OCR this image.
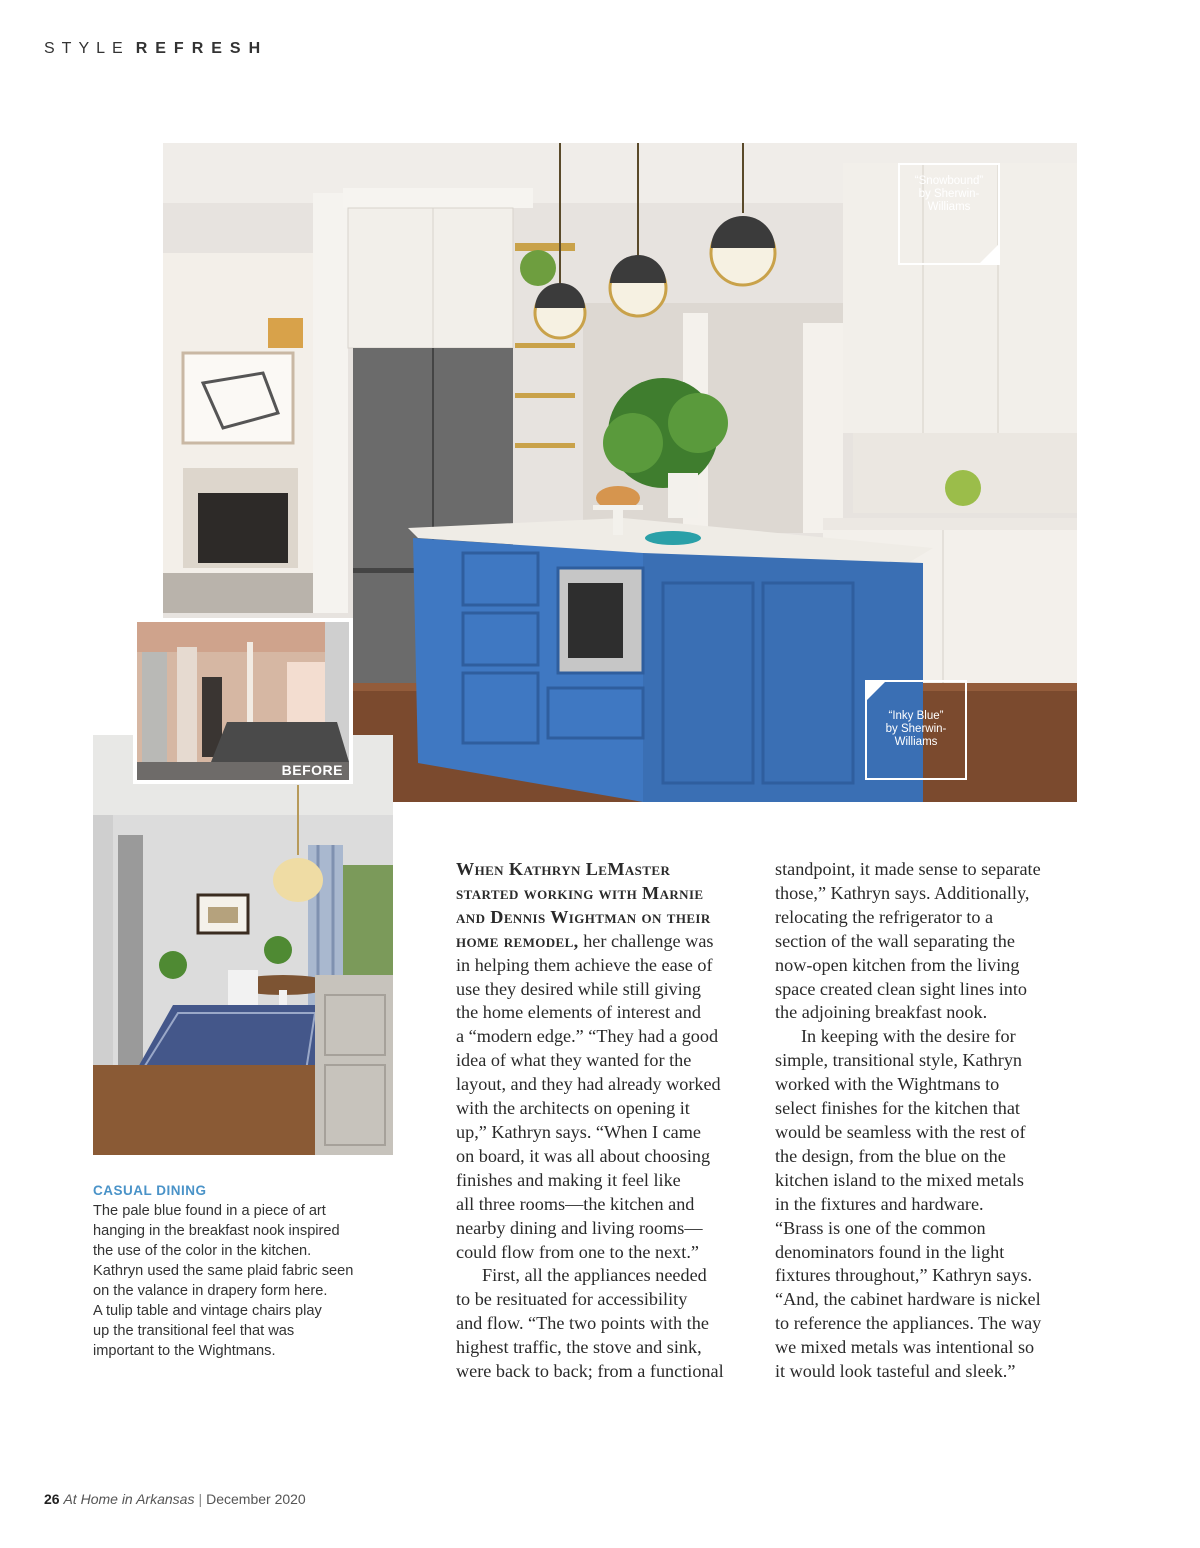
STYLE REFRESH
“Snowbound”
by Sherwin-
Williams
“Inky Blue”
by Sherwin-
Williams
BEFORE
CASUAL DINING
The pale blue found in a piece of art
hanging in the breakfast nook inspired
the use of the color in the kitchen.
Kathryn used the same plaid fabric seen
on the valance in drapery form here.
A tulip table and vintage chairs play
up the transitional feel that was
important to the Wightmans.

When Kathryn LeMaster

started working with Marnie

and Dennis Wightman on their

home remodel, her challenge was

in helping them achieve the ease of

use they desired while still giving

the home elements of interest and

a “modern edge.” “They had a good

idea of what they wanted for the

layout, and they had already worked

with the architects on opening it

up,” Kathryn says. “When I came

on board, it was all about choosing

finishes and making it feel like

all three rooms—the kitchen and

nearby dining and living rooms—

could flow from one to the next.”

First, all the appliances needed

to be resituated for accessibility

and flow. “The two points with the

highest traffic, the stove and sink,

were back to back; from a functional

standpoint, it made sense to separate

those,” Kathryn says. Additionally,

relocating the refrigerator to a

section of the wall separating the

now-open kitchen from the living

space created clean sight lines into

the adjoining breakfast nook.

In keeping with the desire for

simple, transitional style, Kathryn

worked with the Wightmans to

select finishes for the kitchen that

would be seamless with the rest of

the design, from the blue on the

kitchen island to the mixed metals

in the fixtures and hardware.

“Brass is one of the common

denominators found in the light

fixtures throughout,” Kathryn says.

“And, the cabinet hardware is nickel

to reference the appliances. The way

we mixed metals was intentional so

it would look tasteful and sleek.”

26 At Home in Arkansas | December 2020
